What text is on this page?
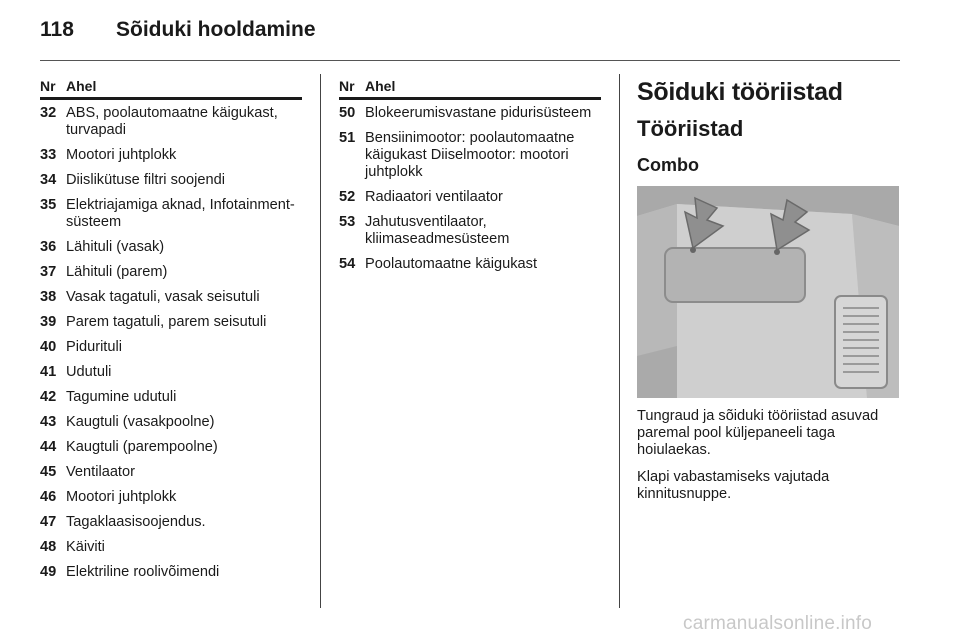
118 Sõiduki hooldamine
Nr Ahel
32 ABS, poolautomaatne käigukast, turvapadi
33 Mootori juhtplokk
34 Diislikütuse filtri soojendi
35 Elektriajamiga aknad, Infotainment-süsteem
36 Lähituli (vasak)
37 Lähituli (parem)
38 Vasak tagatuli, vasak seisutuli
39 Parem tagatuli, parem seisutuli
40 Pidurituli
41 Udutuli
42 Tagumine udutuli
43 Kaugtuli (vasakpoolne)
44 Kaugtuli (parempoolne)
45 Ventilaator
46 Mootori juhtplokk
47 Tagaklaasisoojendus.
48 Käiviti
49 Elektriline roolivõimendi
Nr Ahel
50 Blokeerumisvastane pidurisüsteem
51 Bensiinimootor: poolautomaatne käigukast Diiselmootor: mootori juhtplokk
52 Radiaatori ventilaator
53 Jahutusventilaator, kliimaseadmesüsteem
54 Poolautomaatne käigukast
Sõiduki tööriistad
Tööriistad
Combo
Tungraud ja sõiduki tööriistad asuvad paremal pool küljepaneeli taga hoiulaekas.
Klapi vabastamiseks vajutada kinnitusnuppe.
carmanualsonline.info
